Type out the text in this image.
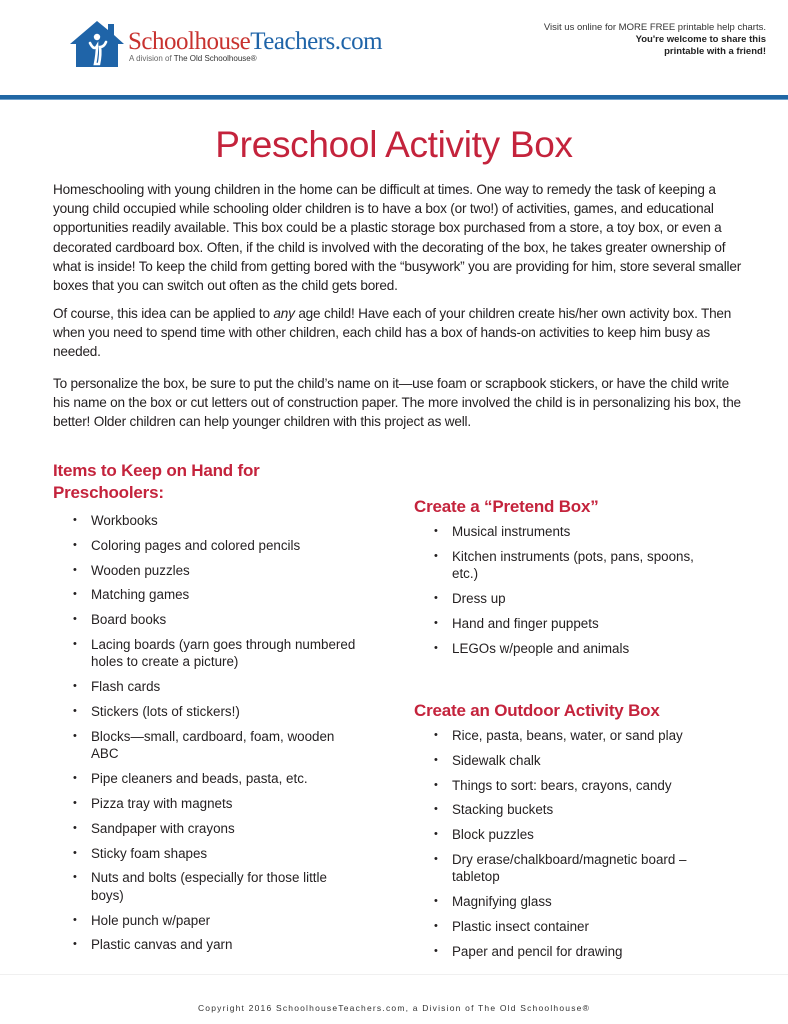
SchoolhouseTeachers.com
A division of The Old Schoolhouse®
Visit us online for MORE FREE printable help charts.
You're welcome to share this
printable with a friend!
Preschool Activity Box

Homeschooling with young children in the home can be difficult at times. One way to remedy the task of keeping a young child occupied while schooling older children is to have a box (or two!) of activities, games, and educational opportunities readily available. This box could be a plastic storage box purchased from a store, a toy box, or even a decorated cardboard box. Often, if the child is involved with the decorating of the box, he takes greater ownership of what is inside! To keep the child from getting bored with the “busywork” you are providing for him, store several smaller boxes that you can switch out often as the child gets bored.

Of course, this idea can be applied to any age child! Have each of your children create his/her own activity box. Then when you need to spend time with other children, each child has a box of hands-on activities to keep him busy as needed.

To personalize the box, be sure to put the child’s name on it—use foam or scrapbook stickers, or have the child write his name on the box or cut letters out of construction paper. The more involved the child is in personalizing his box, the better! Older children can help younger children with this project as well.

Items to Keep on Hand for Preschoolers:
• Workbooks
• Coloring pages and colored pencils
• Wooden puzzles
• Matching games
• Board books
• Lacing boards (yarn goes through numbered holes to create a picture)
• Flash cards
• Stickers (lots of stickers!)
• Blocks—small, cardboard, foam, wooden ABC
• Pipe cleaners and beads, pasta, etc.
• Pizza tray with magnets
• Sandpaper with crayons
• Sticky foam shapes
• Nuts and bolts (especially for those little boys)
• Hole punch w/paper
• Plastic canvas and yarn
Create a “Pretend Box”
• Musical instruments
• Kitchen instruments (pots, pans, spoons, etc.)
• Dress up
• Hand and finger puppets
• LEGOs w/people and animals
Create an Outdoor Activity Box
• Rice, pasta, beans, water, or sand play
• Sidewalk chalk
• Things to sort: bears, crayons, candy
• Stacking buckets
• Block puzzles
• Dry erase/chalkboard/magnetic board – tabletop
• Magnifying glass
• Plastic insect container
• Paper and pencil for drawing
Copyright 2016 SchoolhouseTeachers.com, a Division of The Old Schoolhouse®
